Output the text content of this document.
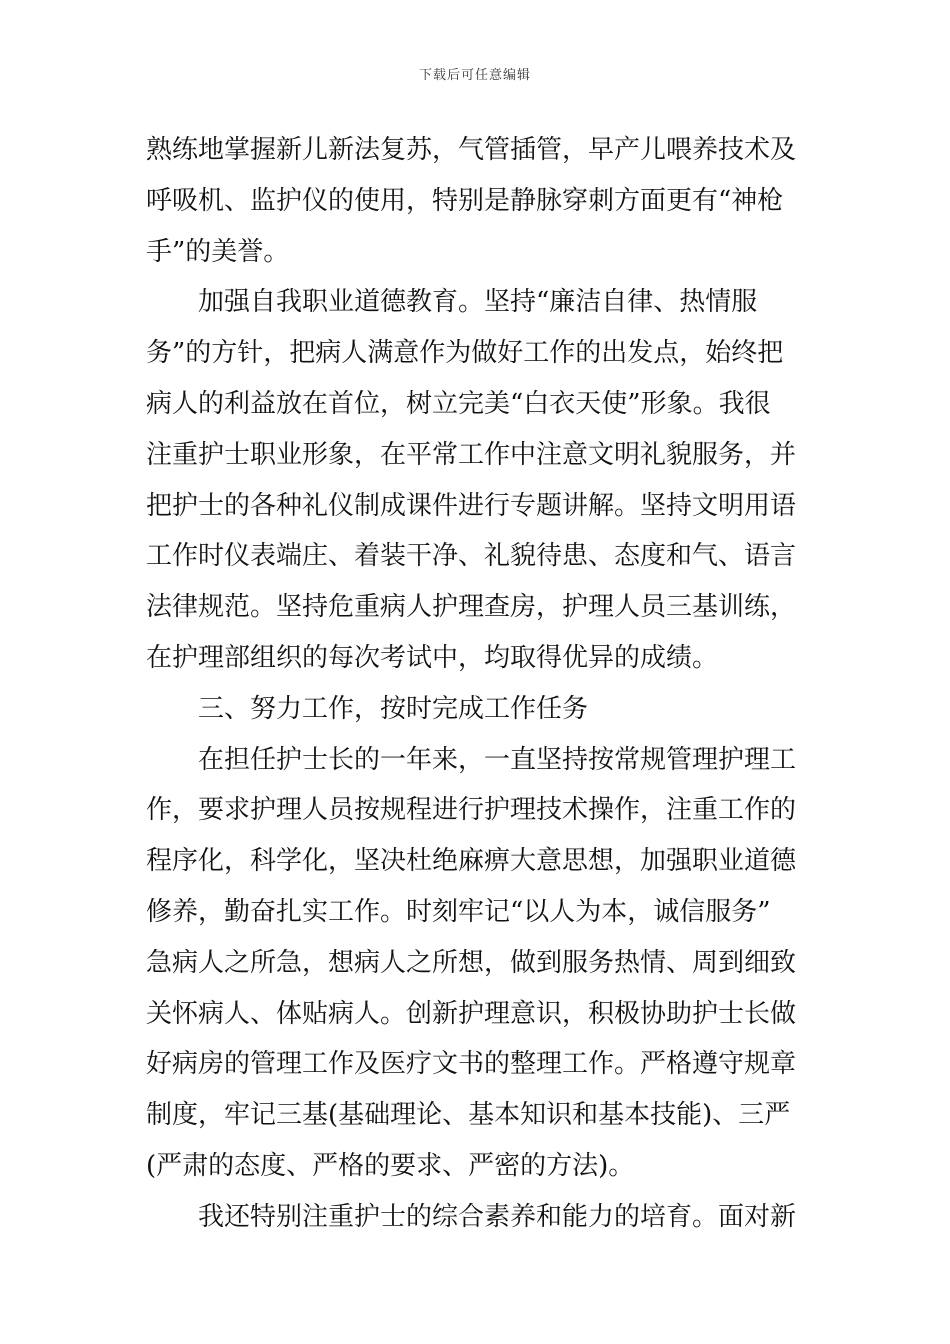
下载后可任意编辑
熟练地掌握新儿新法复苏，气管插管，早产儿喂养技术及
呼吸机、监护仪的使用，特别是静脉穿刺方面更有“神枪
手”的美誉。
加强自我职业道德教育。坚持“廉洁自律、热情服
务”的方针，把病人满意作为做好工作的出发点，始终把
病人的利益放在首位，树立完美“白衣天使”形象。我很
注重护士职业形象，在平常工作中注意文明礼貌服务，并
把护士的各种礼仪制成课件进行专题讲解。坚持文明用语
工作时仪表端庄、着装干净、礼貌待患、态度和气、语言
法律规范。坚持危重病人护理查房，护理人员三基训练，
在护理部组织的每次考试中，均取得优异的成绩。
三、努力工作，按时完成工作任务
在担任护士长的一年来，一直坚持按常规管理护理工
作，要求护理人员按规程进行护理技术操作，注重工作的
程序化，科学化，坚决杜绝麻痹大意思想，加强职业道德
修养，勤奋扎实工作。时刻牢记“以人为本，诚信服务”
急病人之所急，想病人之所想，做到服务热情、周到细致
关怀病人、体贴病人。创新护理意识，积极协助护士长做
好病房的管理工作及医疗文书的整理工作。严格遵守规章
制度，牢记三基(基础理论、基本知识和基本技能)、三严
(严肃的态度、严格的要求、严密的方法)。
我还特别注重护士的综合素养和能力的培育。面对新
